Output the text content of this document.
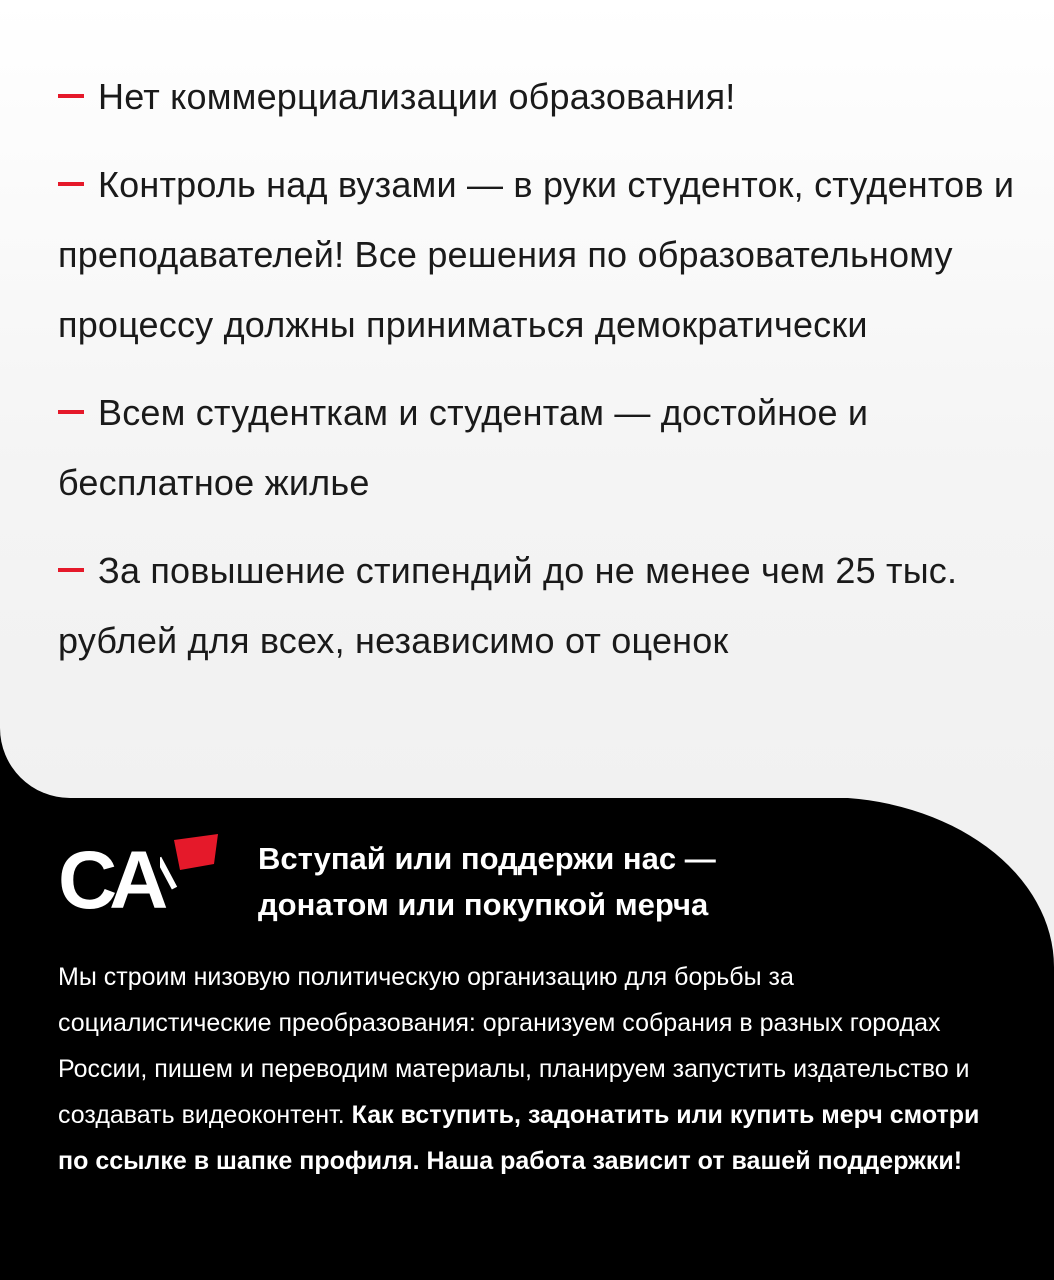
Нет коммерциализации образования!
Контроль над вузами — в руки студенток, студентов и преподавателей! Все решения по образовательному процессу должны приниматься демократически
Всем студенткам и студентам — достойное и бесплатное жилье
За повышение стипендий до не менее чем 25 тыс. рублей для всех, независимо от оценок
СА	Вступай или поддержи нас —
донатом или покупкой мерча
Мы строим низовую политическую организацию для борьбы за социалистические преобразования: организуем собрания в разных городах России, пишем и переводим материалы, планируем запустить издательство и создавать видеоконтент. Как вступить, задонатить или купить мерч смотри по ссылке в шапке профиля. Наша работа зависит от вашей поддержки!
